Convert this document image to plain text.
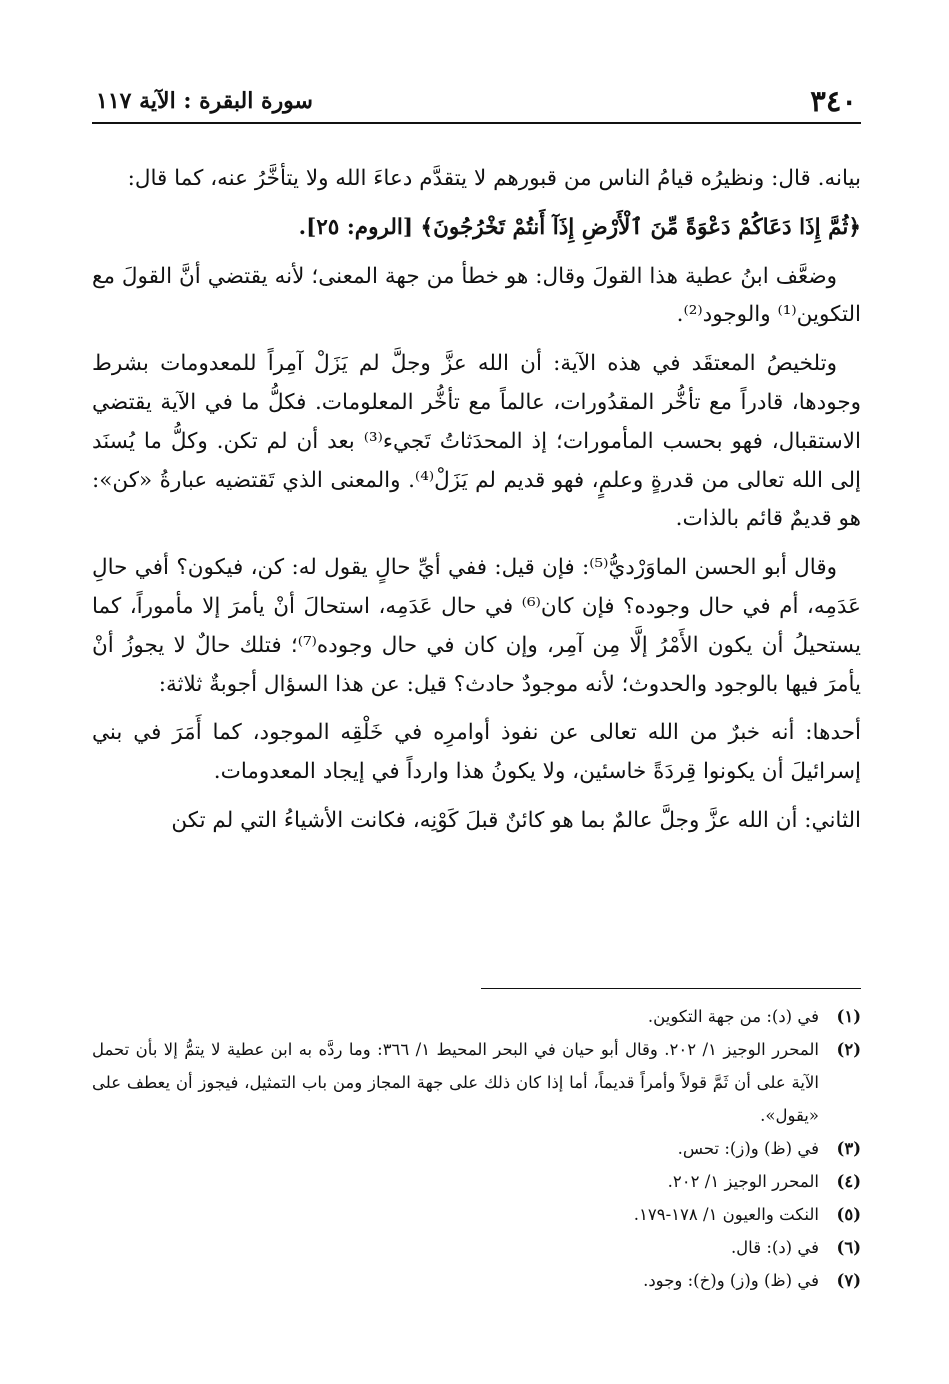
٣٤٠
سورة البقرة : الآية ١١٧

بيانه. قال: ونظيرُه قيامُ الناس من قبورهم لا يتقدَّم دعاءَ الله ولا يتأخَّرُ عنه، كما قال:

﴿ثُمَّ إِذَا دَعَاكُمْ دَعْوَةً مِّنَ ٱلْأَرْضِ إِذَآ أَنتُمْ تَخْرُجُونَ﴾ [الروم: ٢٥].

وضعَّف ابنُ عطية هذا القولَ وقال: هو خطأ من جهة المعنى؛ لأنه يقتضي أنَّ القولَ مع التكوين⁽¹⁾ والوجود⁽²⁾.

وتلخيصُ المعتقَد في هذه الآية: أن الله عزَّ وجلَّ لم يَزَلْ آمِراً للمعدومات بشرط وجودها، قادراً مع تأخُّر المقدُورات، عالماً مع تأخُّر المعلومات. فكلُّ ما في الآية يقتضي الاستقبال، فهو بحسب المأمورات؛ إذ المحدَثاتُ تَجيء⁽³⁾ بعد أن لم تكن. وكلُّ ما يُسنَد إلى الله تعالى من قدرةٍ وعلمٍ، فهو قديم لم يَزَلْ⁽⁴⁾. والمعنى الذي تَقتضيه عبارةُ «كن»: هو قديمٌ قائم بالذات.

وقال أبو الحسن الماوَرْديُّ⁽⁵⁾: فإن قيل: ففي أيِّ حالٍ يقول له: كن، فيكون؟ أفي حالِ عَدَمِه، أم في حال وجوده؟ فإن كان⁽⁶⁾ في حال عَدَمِه، استحالَ أنْ يأمرَ إلا مأموراً، كما يستحيلُ أن يكون الأَمْرُ إلَّا مِن آمِر، وإن كان في حال وجوده⁽⁷⁾؛ فتلك حالٌ لا يجوزُ أنْ يأمرَ فيها بالوجود والحدوث؛ لأنه موجودٌ حادث؟ قيل: عن هذا السؤال أجوبةٌ ثلاثة:

أحدها: أنه خبرٌ من الله تعالى عن نفوذ أوامرِه في خَلْقِه الموجود، كما أَمَرَ في بني إسرائيلَ أن يكونوا قِردَةً خاسئين، ولا يكونُ هذا وارداً في إيجاد المعدومات.

الثاني: أن الله عزَّ وجلَّ عالمٌ بما هو كائنٌ قبلَ كَوْنِه، فكانت الأشياءُ التي لم تكن

(١)
في (د): من جهة التكوين.
(٢)
المحرر الوجيز ١/ ٢٠٢. وقال أبو حيان في البحر المحيط ١/ ٣٦٦: وما ردَّه به ابن عطية لا يتمُّ إلا بأن تحمل الآية على أن ثَمَّ قولاً وأمراً قديماً، أما إذا كان ذلك على جهة المجاز ومن باب التمثيل، فيجوز أن يعطف على «يقول».
(٣)
في (ظ) و(ز): تحس.
(٤)
المحرر الوجيز ١/ ٢٠٢.
(٥)
النكت والعيون ١/ ١٧٨-١٧٩.
(٦)
في (د): قال.
(٧)
في (ظ) و(ز) و(خ): وجود.
